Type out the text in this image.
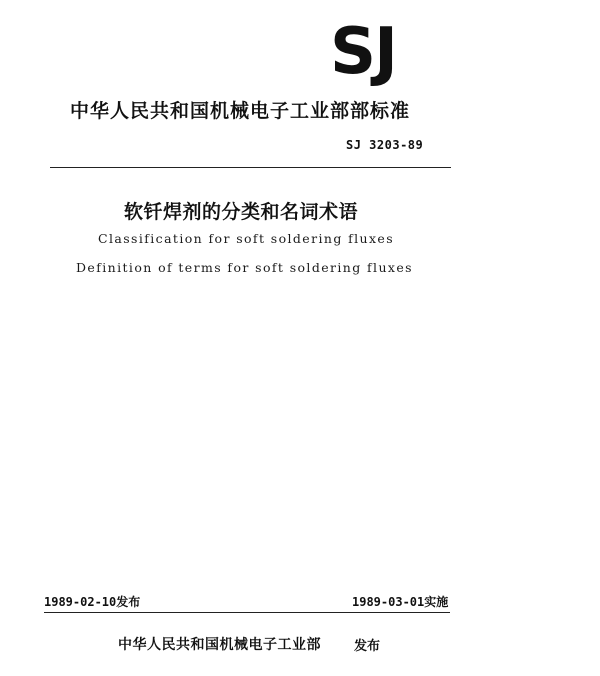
SJ
中华人民共和国机械电子工业部部标准
SJ 3203-89
软钎焊剂的分类和名词术语
Classification for soft soldering fluxes
Definition of terms for soft soldering fluxes
1989-02-10发布	1989-03-01实施
中华人民共和国机械电子工业部	发布
